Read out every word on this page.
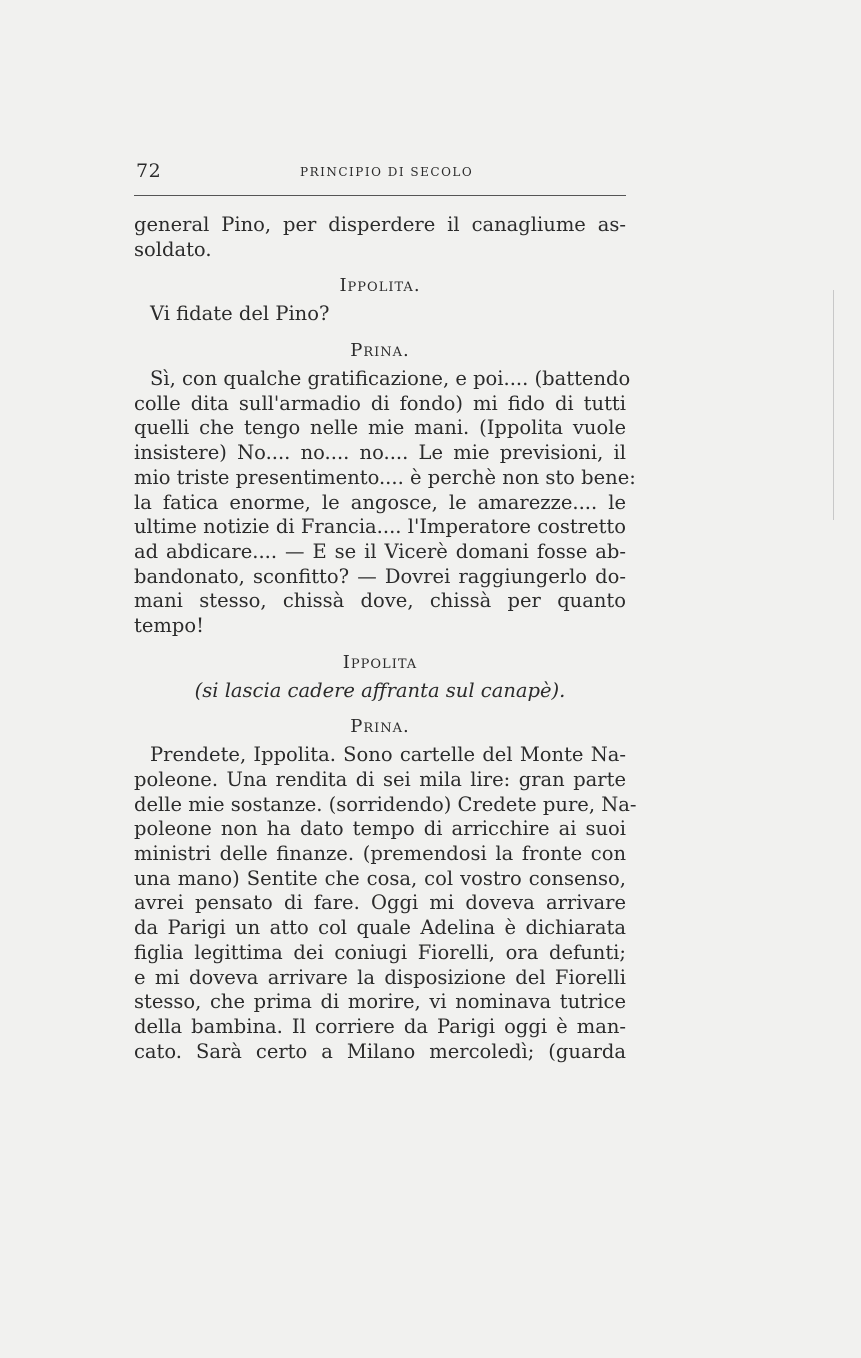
72	PRINCIPIO DI SECOLO
general Pino, per disperdere il canagliume as-
soldato.
Ippolita.
Vi fidate del Pino?
Prina.
Sì, con qualche gratificazione, e poi.... (battendo
colle dita sull'armadio di fondo) mi fido di tutti
quelli che tengo nelle mie mani. (Ippolita vuole
insistere) No.... no.... no.... Le mie previsioni, il
mio triste presentimento.... è perchè non sto bene:
la fatica enorme, le angosce, le amarezze.... le
ultime notizie di Francia.... l'Imperatore costretto
ad abdicare.... — E se il Vicerè domani fosse ab-
bandonato, sconfitto? — Dovrei raggiungerlo do-
mani stesso, chissà dove, chissà per quanto
tempo!
Ippolita
(si lascia cadere affranta sul canapè).
Prina.
Prendete, Ippolita. Sono cartelle del Monte Na-
poleone. Una rendita di sei mila lire: gran parte
delle mie sostanze. (sorridendo) Credete pure, Na-
poleone non ha dato tempo di arricchire ai suoi
ministri delle finanze. (premendosi la fronte con
una mano) Sentite che cosa, col vostro consenso,
avrei pensato di fare. Oggi mi doveva arrivare
da Parigi un atto col quale Adelina è dichiarata
figlia legittima dei coniugi Fiorelli, ora defunti;
e mi doveva arrivare la disposizione del Fiorelli
stesso, che prima di morire, vi nominava tutrice
della bambina. Il corriere da Parigi oggi è man-
cato. Sarà certo a Milano mercoledì; (guarda
